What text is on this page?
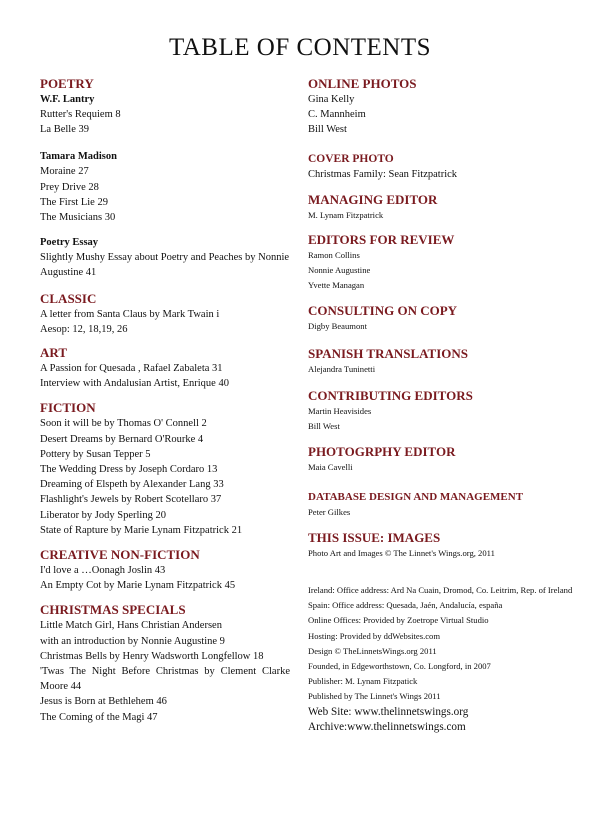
TABLE OF CONTENTS
POETRY
W.F. Lantry
Rutter's Requiem 8
La Belle 39
Tamara Madison
Moraine 27
Prey Drive 28
The First Lie 29
The Musicians 30
Poetry Essay
Slightly Mushy Essay about Poetry and Peaches by Nonnie Augustine 41
CLASSIC
A letter from Santa Claus by Mark Twain i
Aesop: 12, 18,19, 26
ART
A Passion for Quesada , Rafael Zabaleta 31
Interview with Andalusian Artist, Enrique 40
FICTION
Soon it will be by Thomas O' Connell 2
Desert Dreams by Bernard O'Rourke 4
Pottery by Susan Tepper 5
The Wedding Dress by Joseph Cordaro 13
Dreaming of Elspeth by Alexander Lang 33
Flashlight's Jewels by Robert Scotellaro 37
Liberator by Jody Sperling 20
State of Rapture by Marie Lynam Fitzpatrick 21
CREATIVE NON-FICTION
I'd love a …Oonagh Joslin 43
An Empty Cot by Marie Lynam Fitzpatrick 45
CHRISTMAS SPECIALS
Little Match Girl, Hans Christian Andersen
with an introduction by Nonnie Augustine 9
Christmas Bells by Henry Wadsworth Longfellow 18
'Twas The Night Before Christmas by Clement Clarke Moore 44
Jesus is Born at Bethlehem 46
The Coming of the Magi 47
ONLINE PHOTOS
Gina Kelly
C. Mannheim
Bill West
COVER PHOTO
Christmas Family: Sean Fitzpatrick
MANAGING EDITOR
M. Lynam Fitzpatrick
EDITORS FOR REVIEW
Ramon Collins
Nonnie Augustine
Yvette Managan
CONSULTING ON COPY
Digby Beaumont
SPANISH TRANSLATIONS
Alejandra Tuninetti
CONTRIBUTING EDITORS
Martin Heavisides
Bill West
PHOTOGRPHY EDITOR
Maia Cavelli
DATABASE DESIGN AND MANAGEMENT
Peter Gilkes
THIS ISSUE: IMAGES
Photo Art and Images © The Linnet's Wings.org, 2011
Ireland: Office address: Ard Na Cuain, Dromod, Co. Leitrim, Rep. of Ireland
Spain: Office address: Quesada, Jaén, Andalucía, españa
Online Offices: Provided by Zoetrope Virtual Studio
Hosting: Provided by ddWebsites.com
Design © TheLinnetsWings.org 2011
Founded, in Edgeworthstown, Co. Longford, in 2007
Publisher: M. Lynam Fitzpatick
Published by The Linnet's Wings 2011
Web Site: www.thelinnetswings.org
Archive:www.thelinnetswings.com
